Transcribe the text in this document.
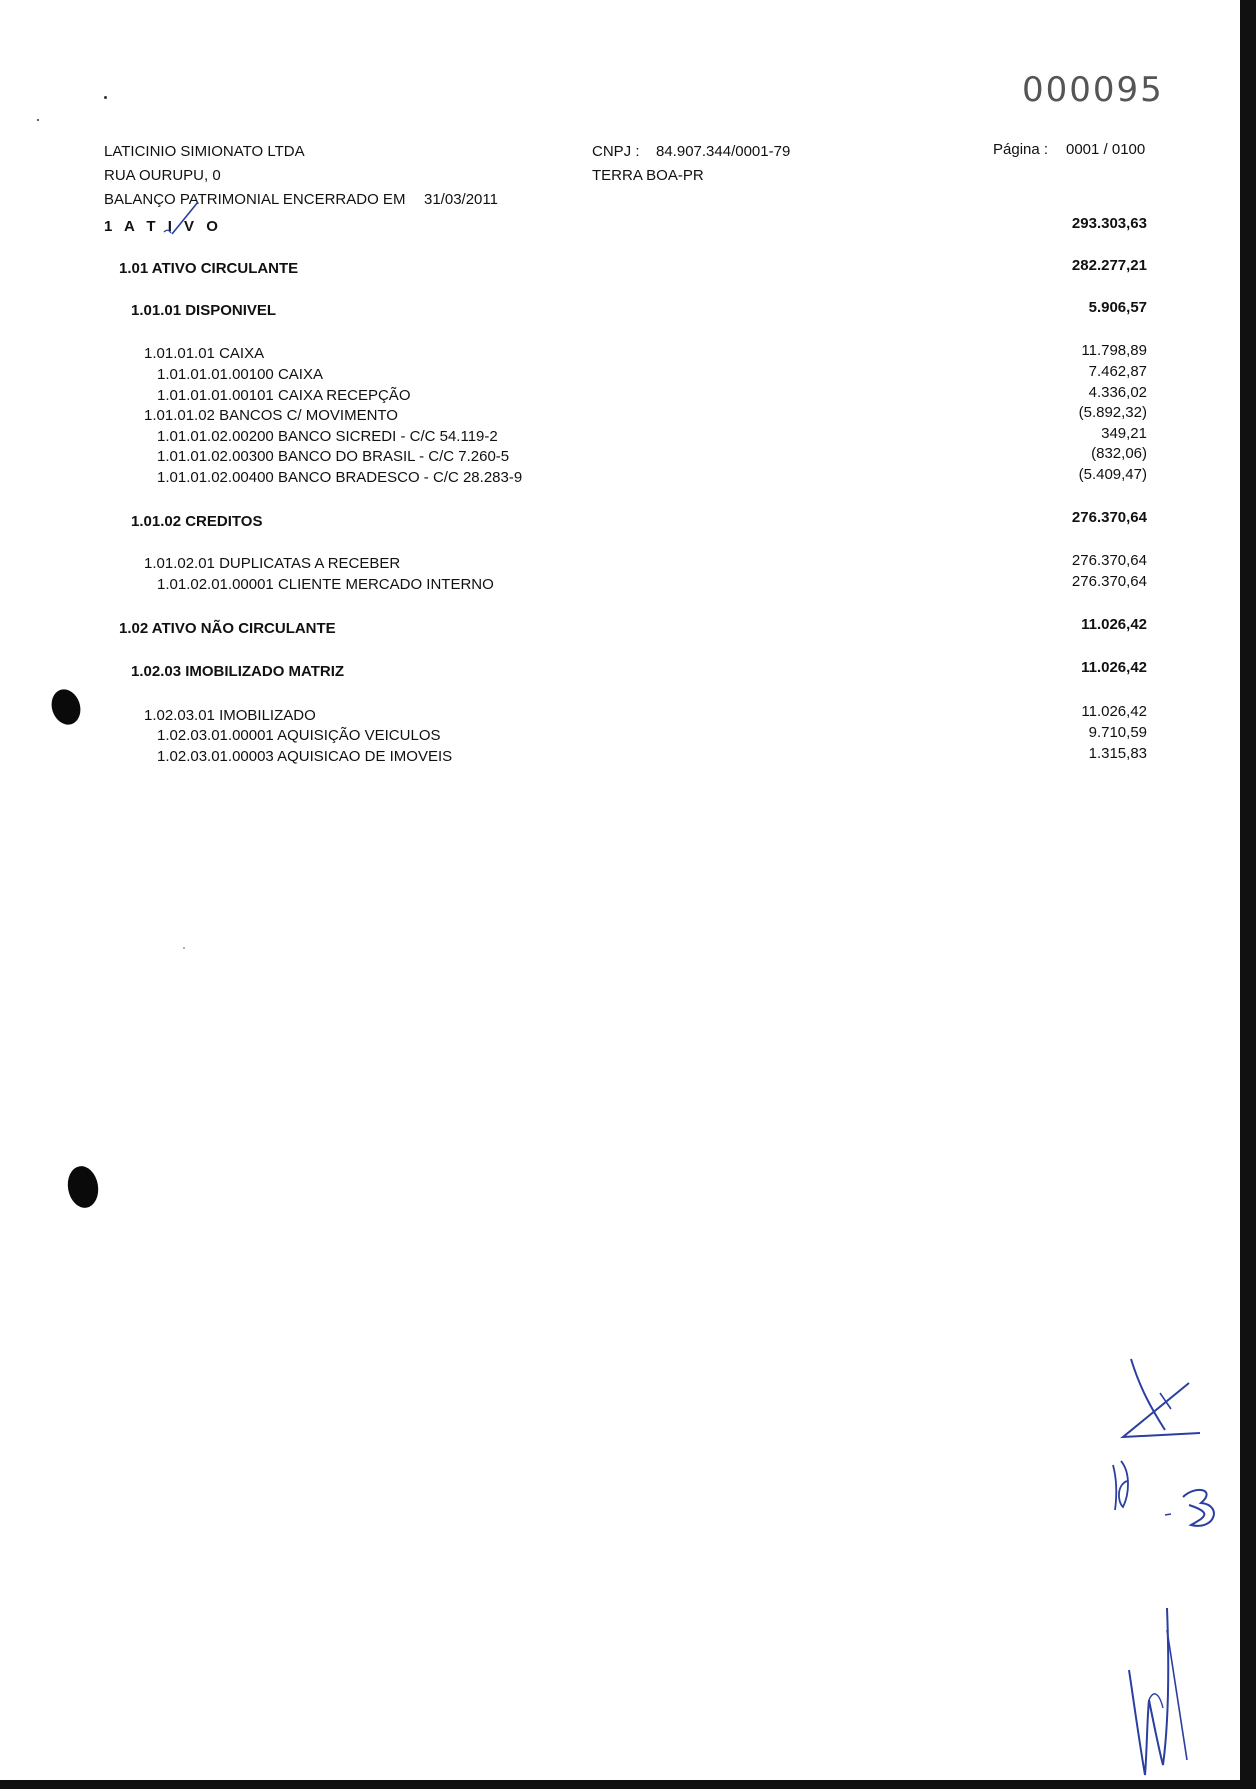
000095
LATICINIO SIMIONATO LTDA
RUA OURUPU, 0
BALANÇO PATRIMONIAL ENCERRADO EM 31/03/2011
CNPJ : 84.907.344/0001-79
TERRA BOA-PR
Página : 0001 / 0100
1 A T I V O	293.303,63
1.01 ATIVO CIRCULANTE	282.277,21
1.01.01 DISPONIVEL	5.906,57
1.01.01.01 CAIXA	11.798,89
1.01.01.01.00100 CAIXA	7.462,87
1.01.01.01.00101 CAIXA RECEPÇÃO	4.336,02
1.01.01.02 BANCOS C/ MOVIMENTO	(5.892,32)
1.01.01.02.00200 BANCO SICREDI - C/C 54.119-2	349,21
1.01.01.02.00300 BANCO DO BRASIL - C/C 7.260-5	(832,06)
1.01.01.02.00400 BANCO BRADESCO - C/C 28.283-9	(5.409,47)
1.01.02 CREDITOS	276.370,64
1.01.02.01 DUPLICATAS A RECEBER	276.370,64
1.01.02.01.00001 CLIENTE MERCADO INTERNO	276.370,64
1.02 ATIVO NÃO CIRCULANTE	11.026,42
1.02.03 IMOBILIZADO MATRIZ	11.026,42
1.02.03.01 IMOBILIZADO	11.026,42
1.02.03.01.00001 AQUISIÇÃO VEICULOS	9.710,59
1.02.03.01.00003 AQUISICAO DE IMOVEIS	1.315,83
